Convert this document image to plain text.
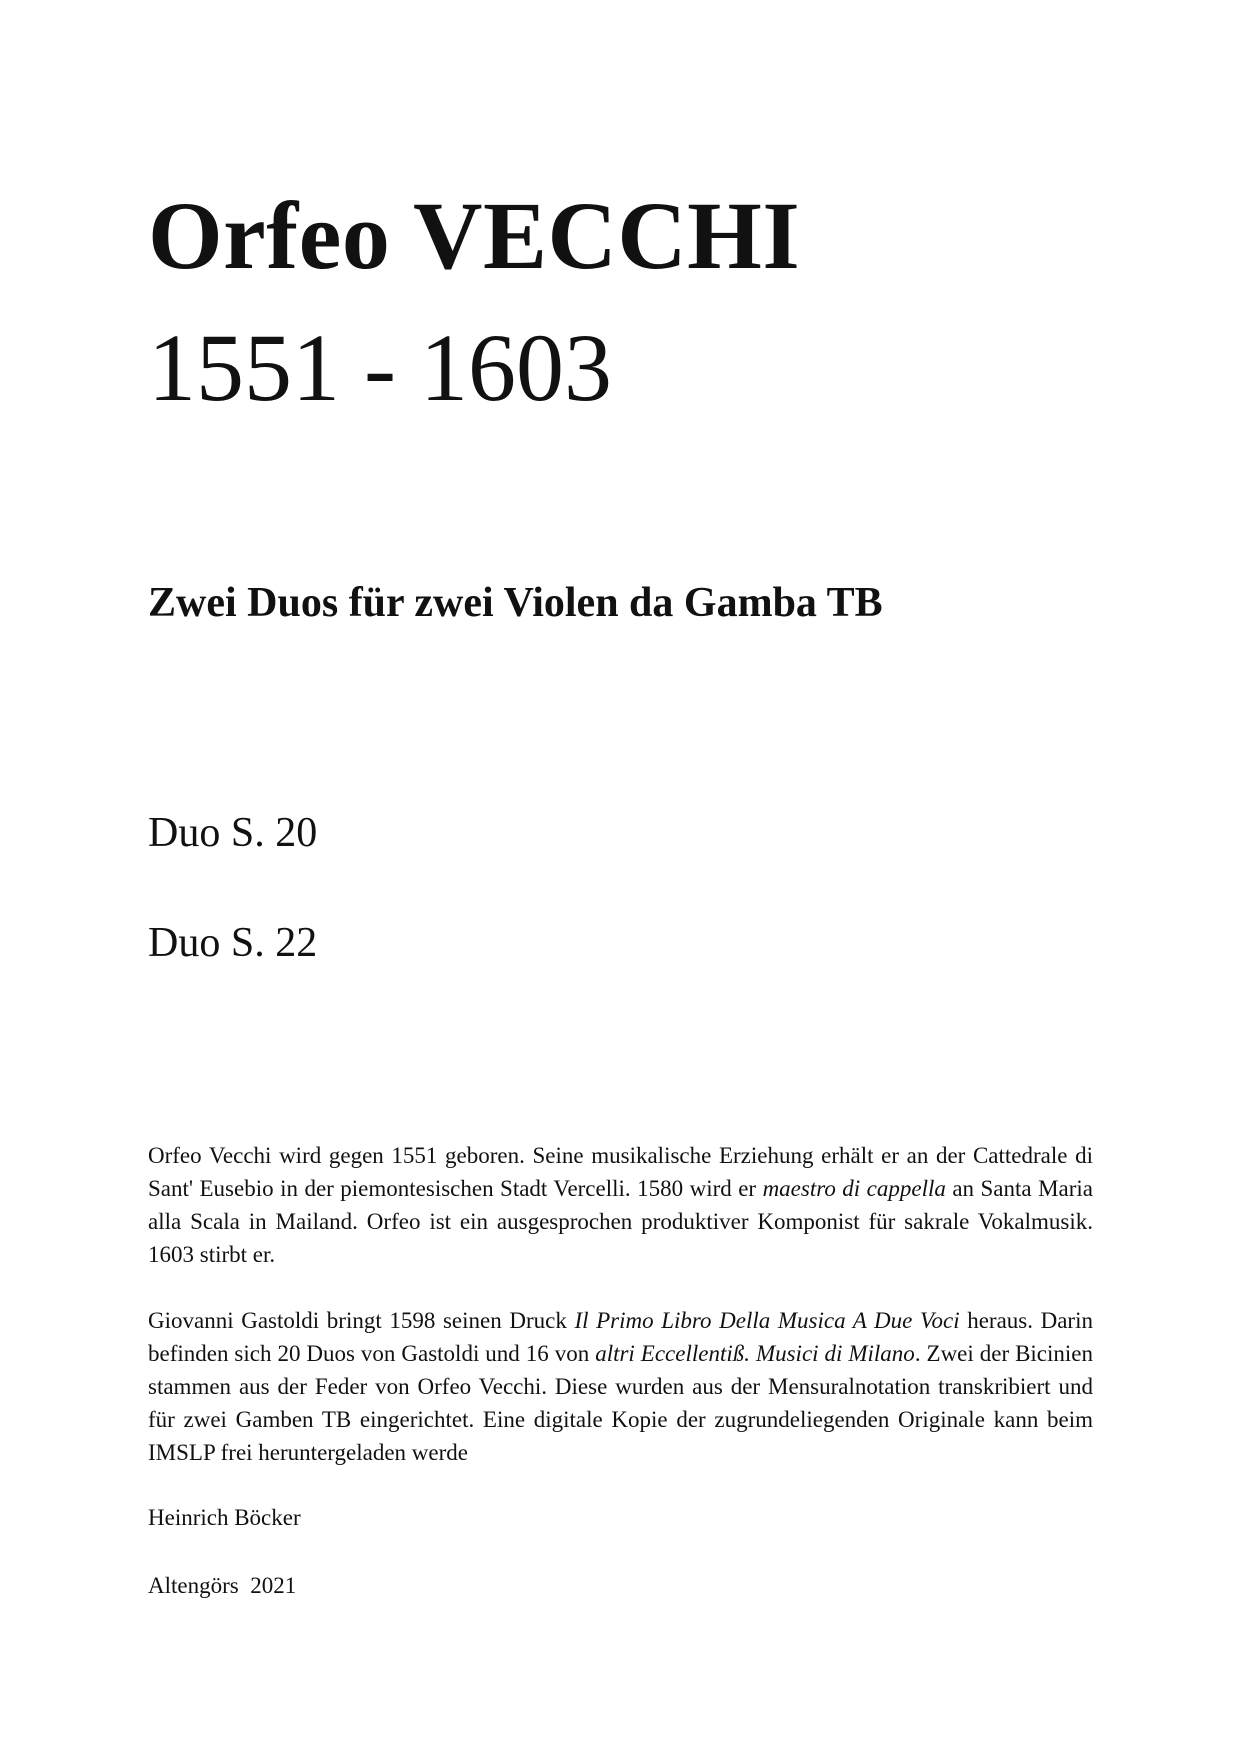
Orfeo VECCHI
1551 - 1603
Zwei Duos für zwei Violen da Gamba TB
Duo S. 20
Duo S. 22

Orfeo Vecchi wird gegen 1551 geboren. Seine musikalische Erziehung erhält er an der Cattedrale di Sant' Eusebio in der piemontesischen Stadt Vercelli. 1580 wird er maestro di cappella an Santa Maria alla Scala in Mailand. Orfeo ist ein ausgesprochen produktiver Komponist für sakrale Vokalmusik. 1603 stirbt er.

Giovanni Gastoldi bringt 1598 seinen Druck Il Primo Libro Della Musica A Due Voci heraus. Darin befinden sich 20 Duos von Gastoldi und 16 von altri Eccellentiß. Musici di Milano. Zwei der Bicinien stammen aus der Feder von Orfeo Vecchi. Diese wurden aus der Mensuralnotation transkribiert und für zwei Gamben TB eingerichtet. Eine digitale Kopie der zugrundeliegenden Originale kann beim IMSLP frei heruntergeladen werde

Heinrich Böcker
Altengörs  2021
